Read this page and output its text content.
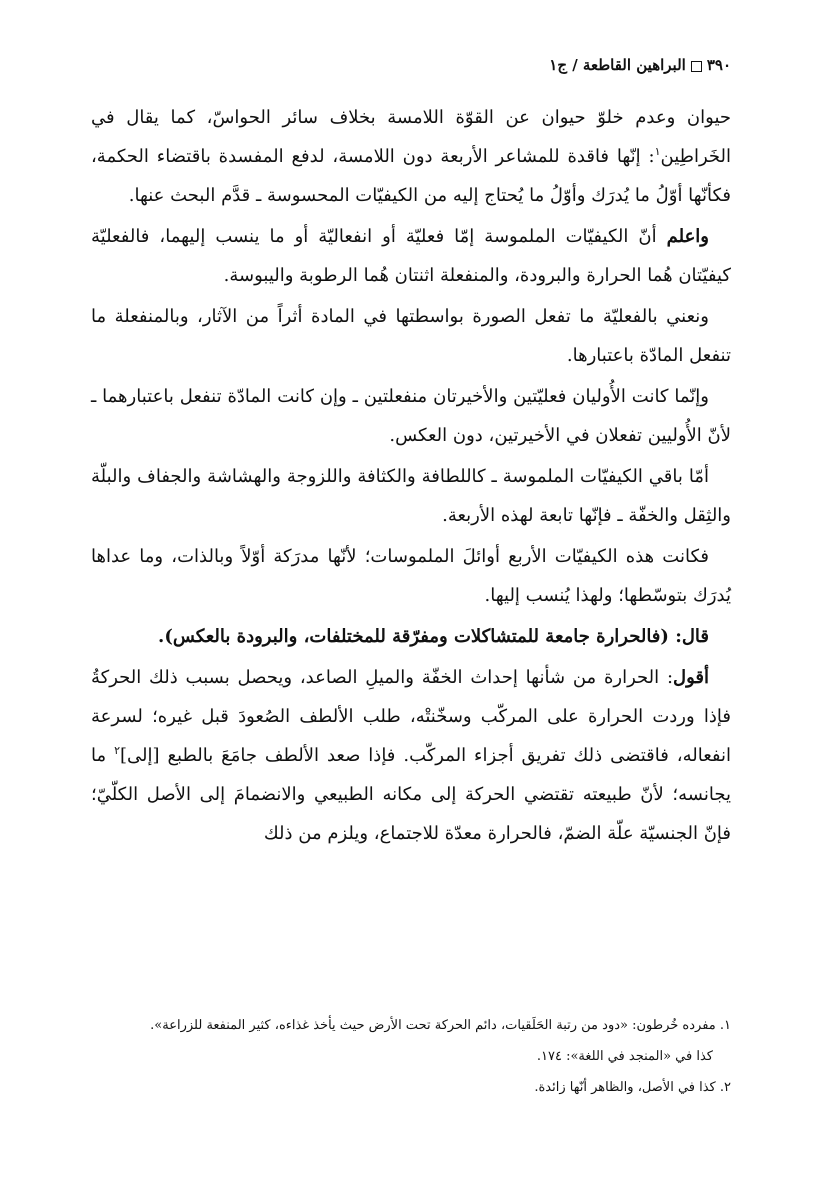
٣٩٠البراهين القاطعة / ج١

حيوان وعدم خلوّ حيوان عن القوّة اللامسة بخلاف سائر الحواسّ، كما يقال في الخَراطِين$^١$: إنّها فاقدة للمشاعر الأربعة دون اللامسة، لدفع المفسدة باقتضاء الحكمة، فكأنّها أوّلُ ما يُدرَك وأوّلُ ما يُحتاج إليه من الكيفيّات المحسوسة ـ قدَّم البحث عنها.

واعلم أنّ الكيفيّات الملموسة إمّا فعليّة أو انفعاليّة أو ما ينسب إليهما، فالفعليّة كيفيّتان هُما الحرارة والبرودة، والمنفعلة اثنتان هُما الرطوبة واليبوسة.

ونعني بالفعليّة ما تفعل الصورة بواسطتها في المادة أثراً من الآثار، وبالمنفعلة ما تنفعل المادّة باعتبارها.

وإنّما كانت الأُوليان فعليّتين والأخيرتان منفعلتين ـ وإن كانت المادّة تنفعل باعتبارهما ـ لأنّ الأُوليين تفعلان في الأخيرتين، دون العكس.

أمّا باقي الكيفيّات الملموسة ـ كاللطافة والكثافة واللزوجة والهشاشة والجفاف والبلّة والثِقل والخفّة ـ فإنّها تابعة لهذه الأربعة.

فكانت هذه الكيفيّات الأربع أوائلَ الملموسات؛ لأنّها مدرَكة أوّلاً وبالذات، وما عداها يُدرَك بتوسّطها؛ ولهذا يُنسب إليها.

قال: (فالحرارة جامعة للمتشاكلات ومفرّقة للمختلفات، والبرودة بالعكس).

أقول: الحرارة من شأنها إحداث الخفّة والميلِ الصاعد، ويحصل بسبب ذلك الحركةُ فإذا وردت الحرارة على المركّب وسخّنتْه، طلب الألطف الصُعودَ قبل غيره؛ لسرعة انفعاله، فاقتضى ذلك تفريق أجزاء المركّب. فإذا صعد الألطف جامَعَ بالطبع [إلى]$^٢$ ما يجانسه؛ لأنّ طبيعته تقتضي الحركة إلى مكانه الطبيعي والانضمامَ إلى الأصل الكلّيّ؛ فإنّ الجنسيّة علّة الضمّ، فالحرارة معدّة للاجتماع، ويلزم من ذلك

١. مفرده خُرطون: «دود من رتبة الحَلَقيات، دائم الحركة تحت الأرض حيث يأخذ غذاءه، كثير المنفعة للزراعة».
كذا في «المنجد في اللغة»: ١٧٤.
٢. كذا في الأصل، والظاهر أنّها زائدة.
